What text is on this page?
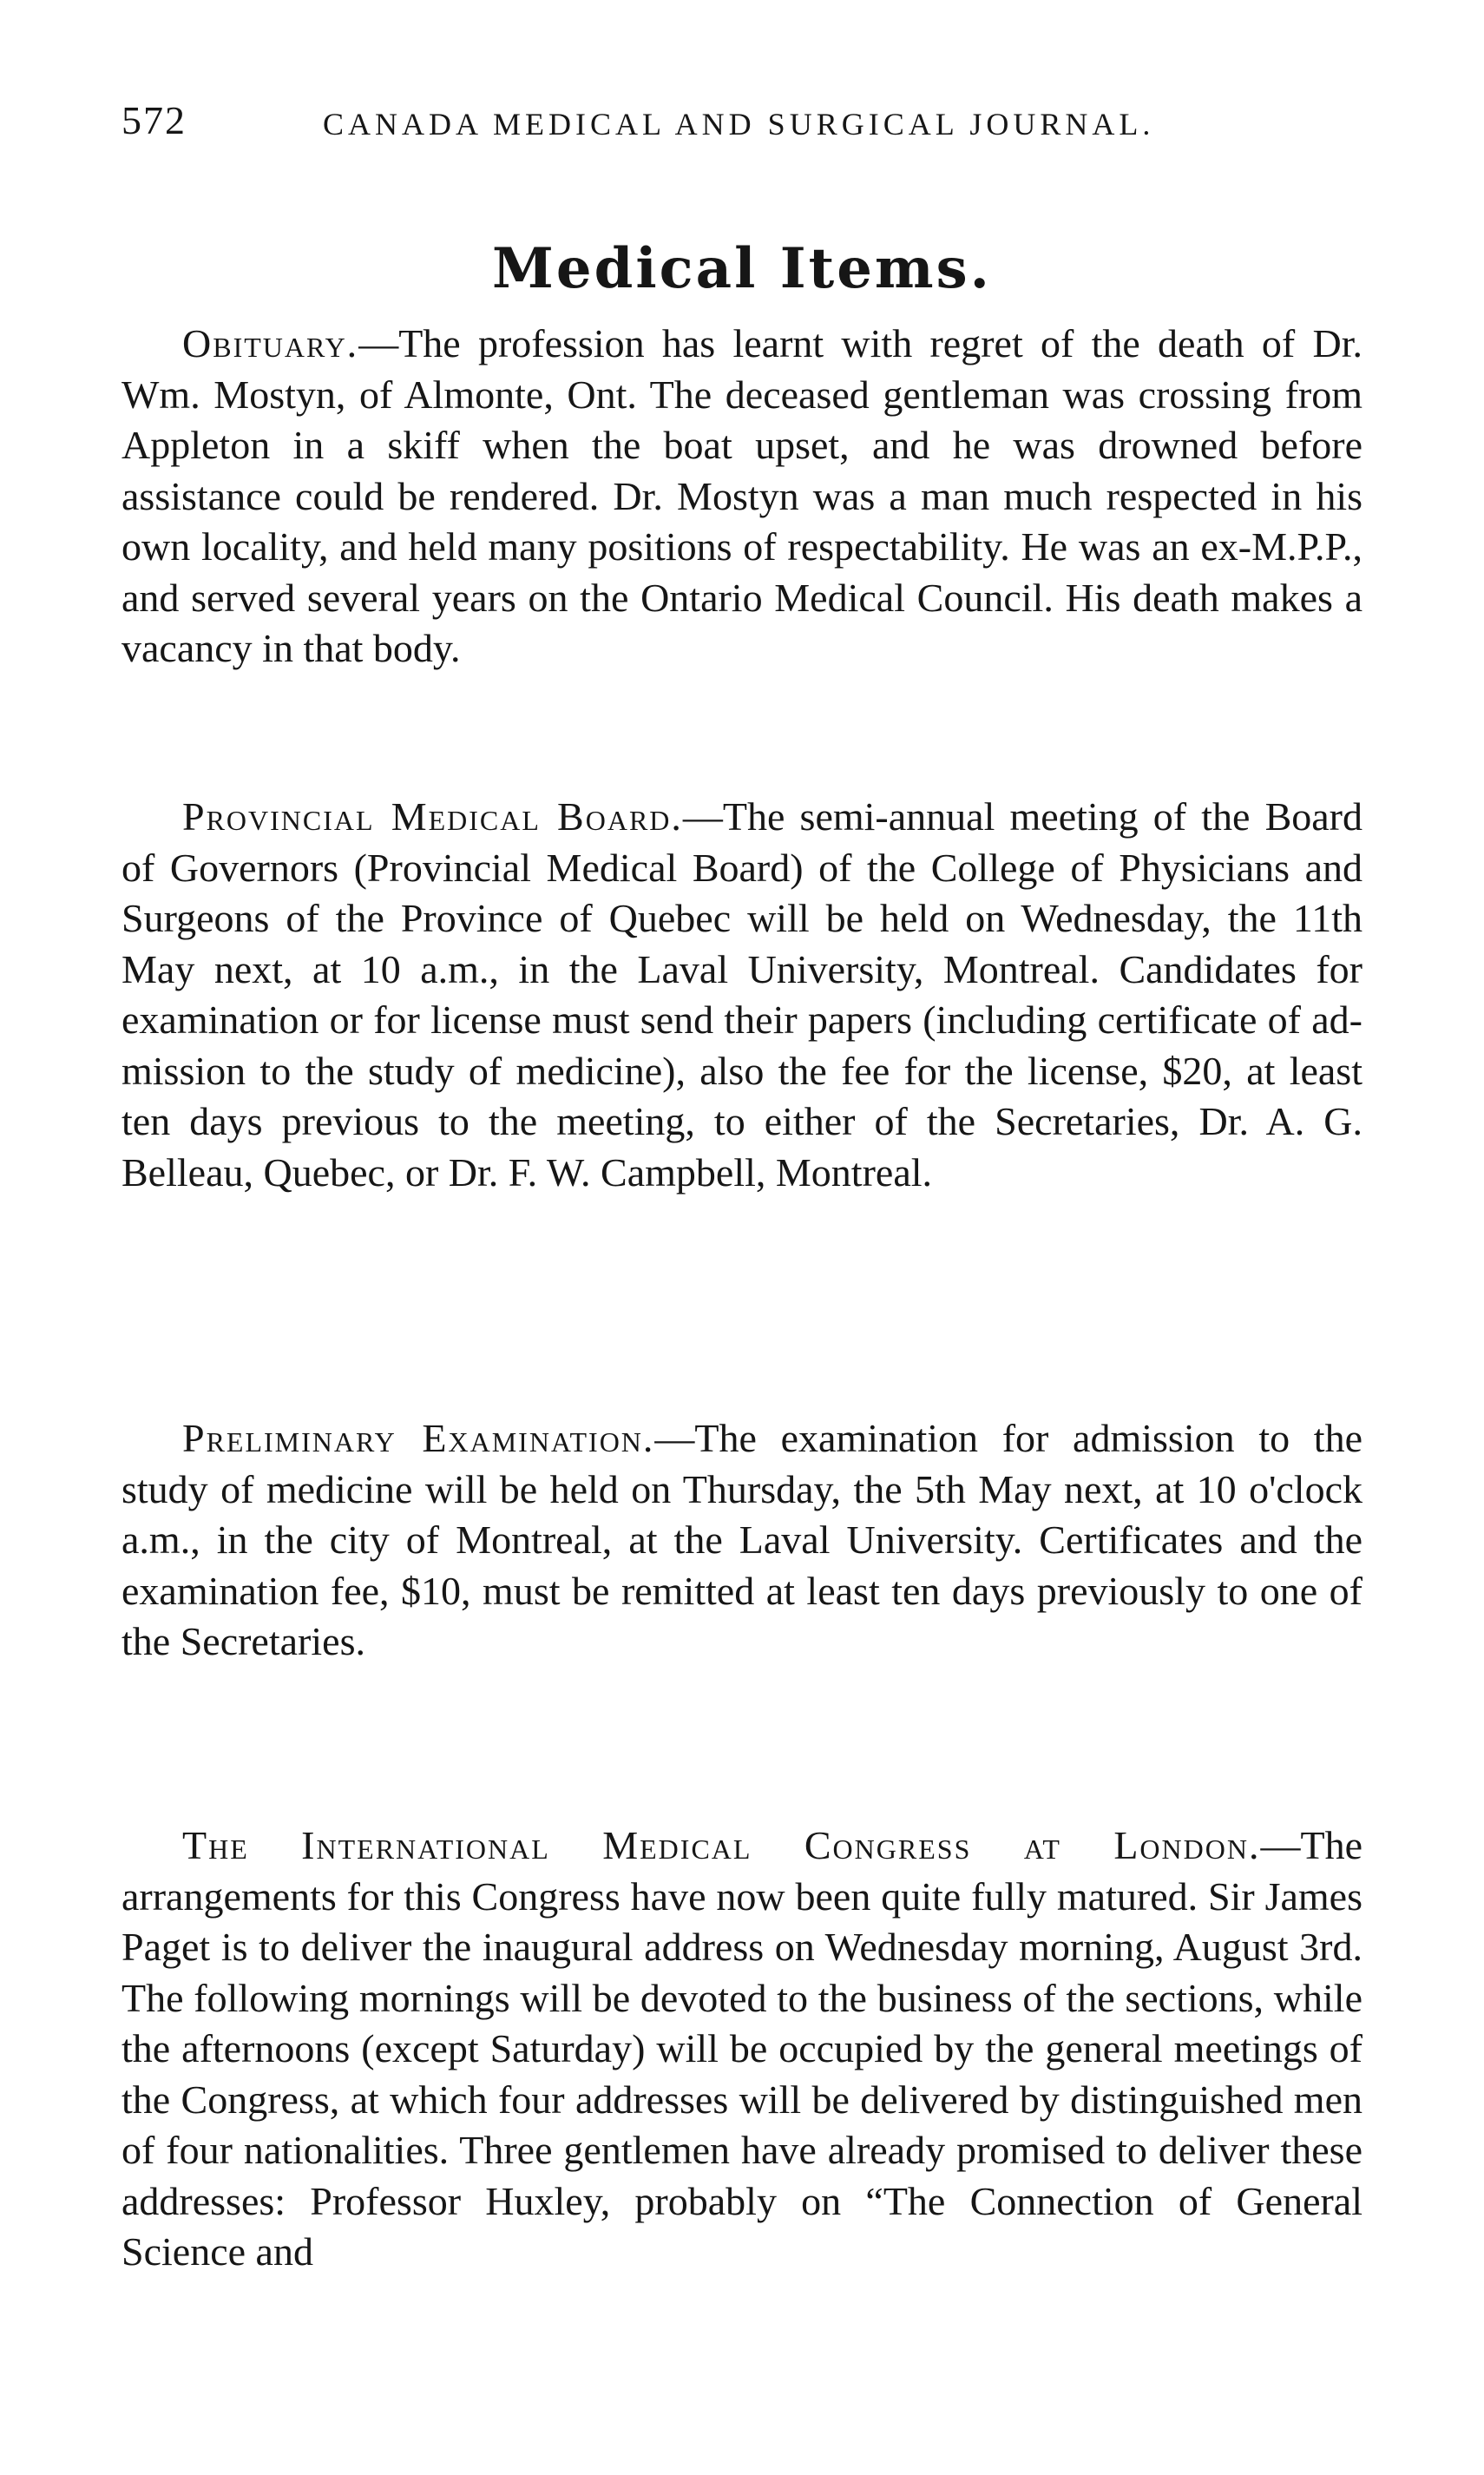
572	CANADA MEDICAL AND SURGICAL JOURNAL.
Medical Items.

Obituary.—The profession has learnt with regret of the death of Dr. Wm. Mostyn, of Almonte, Ont. The deceased gentleman was crossing from Appleton in a skiff when the boat upset, and he was drowned before assistance could be rendered. Dr. Mostyn was a man much respected in his own locality, and held many positions of respectability. He was an ex-M.P.P., and served several years on the Ontario Medical Council. His death makes a vacancy in that body.

Provincial Medical Board.—The semi-annual meeting of the Board of Governors (Provincial Medical Board) of the College of Physicians and Surgeons of the Province of Quebec will be held on Wednesday, the 11th May next, at 10 a.m., in the Laval University, Montreal. Candidates for examination or for license must send their papers (including certificate of admission to the study of medicine), also the fee for the license, $20, at least ten days previous to the meeting, to either of the Secretaries, Dr. A. G. Belleau, Quebec, or Dr. F. W. Campbell, Montreal.

Preliminary Examination.—The examination for admission to the study of medicine will be held on Thursday, the 5th May next, at 10 o'clock a.m., in the city of Montreal, at the Laval University. Certificates and the examination fee, $10, must be remitted at least ten days previously to one of the Secretaries.

The International Medical Congress at London.—The arrangements for this Congress have now been quite fully matured. Sir James Paget is to deliver the inaugural address on Wednesday morning, August 3rd. The following mornings will be devoted to the business of the sections, while the afternoons (except Saturday) will be occupied by the general meetings of the Congress, at which four addresses will be delivered by distinguished men of four nationalities. Three gentlemen have already promised to deliver these addresses: Professor Huxley, probably on “The Connection of General Science and
